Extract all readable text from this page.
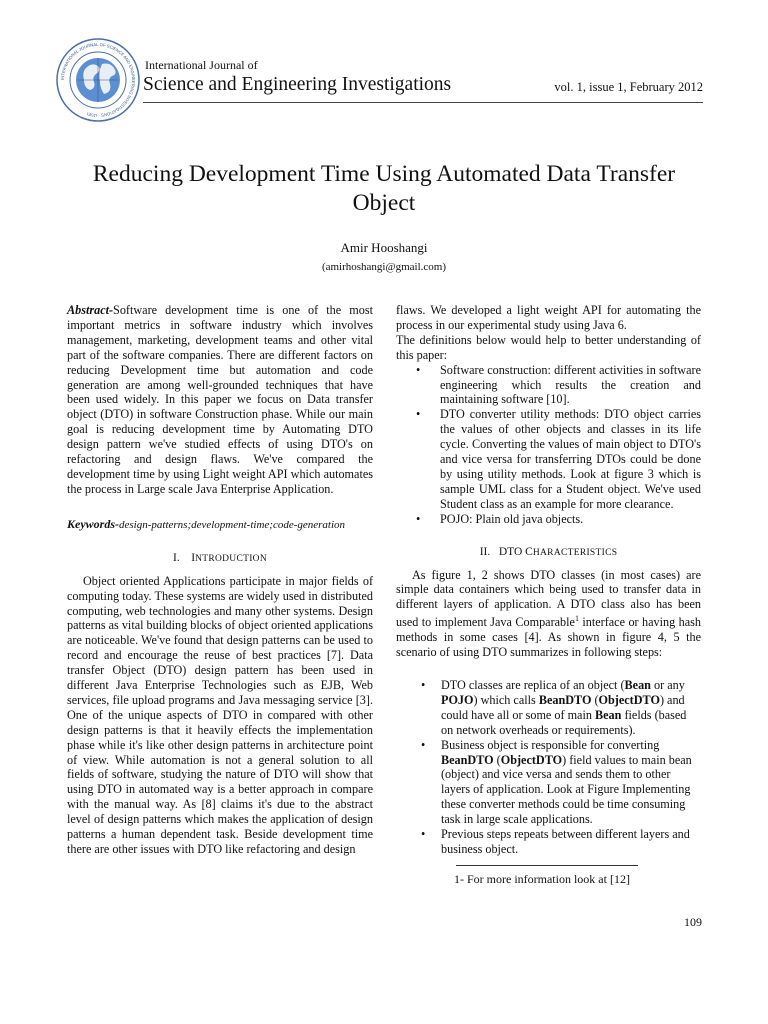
INTERNATIONAL JOURNAL OF SCIENCE AND ENGINEERING INVESTIGATIONS · IJSEI
International Journal of
Science and Engineering Investigations	vol. 1, issue 1, February 2012
Reducing Development Time Using Automated Data Transfer Object
Amir Hooshangi
(amirhoshangi@gmail.com)

Abstract-Software development time is one of the most important metrics in software industry which involves management, marketing, development teams and other vital part of the software companies. There are different factors on reducing Development time but automation and code generation are among well-grounded techniques that have been used widely. In this paper we focus on Data transfer object (DTO) in software Construction phase. While our main goal is reducing development time by Automating DTO design pattern we've studied effects of using DTO's on refactoring and design flaws. We've compared the development time by using Light weight API which automates the process in Large scale Java Enterprise Application.

Keywords-design-patterns;development-time;code-generation

I. INTRODUCTION

Object oriented Applications participate in major fields of computing today. These systems are widely used in distributed computing, web technologies and many other systems. Design patterns as vital building blocks of object oriented applications are noticeable. We've found that design patterns can be used to record and encourage the reuse of best practices [7]. Data transfer Object (DTO) design pattern has been used in different Java Enterprise Technologies such as EJB, Web services, file upload programs and Java messaging service [3]. One of the unique aspects of DTO in compared with other design patterns is that it heavily effects the implementation phase while it's like other design patterns in architecture point of view. While automation is not a general solution to all fields of software, studying the nature of DTO will show that using DTO in automated way is a better approach in compare with the manual way. As [8] claims it's due to the abstract level of design patterns which makes the application of design patterns a human dependent task. Beside development time there are other issues with DTO like refactoring and design

flaws. We developed a light weight API for automating the process in our experimental study using Java 6.

The definitions below would help to better understanding of this paper:

• Software construction: different activities in software engineering which results the creation and maintaining software [10].
• DTO converter utility methods: DTO object carries the values of other objects and classes in its life cycle. Converting the values of main object to DTO's and vice versa for transferring DTOs could be done by using utility methods. Look at figure 3 which is sample UML class for a Student object. We've used Student class as an example for more clearance.
• POJO: Plain old java objects.
II. DTO CHARACTERISTICS

As figure 1, 2 shows DTO classes (in most cases) are simple data containers which being used to transfer data in different layers of application. A DTO class also has been used to implement Java Comparable$^1$ interface or having hash methods in some cases [4]. As shown in figure 4, 5 the scenario of using DTO summarizes in following steps:

• DTO classes are replica of an object (Bean or any POJO) which calls BeanDTO (ObjectDTO) and could have all or some of main Bean fields (based on network overheads or requirements).
• Business object is responsible for converting BeanDTO (ObjectDTO) field values to main bean (object) and vice versa and sends them to other layers of application. Look at Figure Implementing these converter methods could be time consuming task in large scale applications.
• Previous steps repeats between different layers and business object.
1- For more information look at [12]
109
